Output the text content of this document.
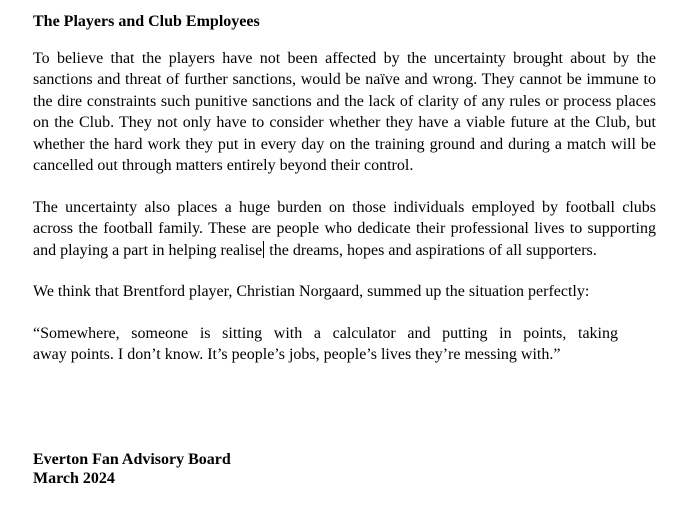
The Players and Club Employees

To believe that the players have not been affected by the uncertainty brought about by the sanctions and threat of further sanctions, would be naïve and wrong. They cannot be immune to the dire constraints such punitive sanctions and the lack of clarity of any rules or process places on the Club. They not only have to consider whether they have a viable future at the Club, but whether the hard work they put in every day on the training ground and during a match will be cancelled out through matters entirely beyond their control.

The uncertainty also places a huge burden on those individuals employed by football clubs across the football family. These are people who dedicate their professional lives to supporting and playing a part in helping realise the dreams, hopes and aspirations of all supporters.

We think that Brentford player, Christian Norgaard, summed up the situation perfectly:

“Somewhere, someone is sitting with a calculator and putting in points, taking
away points. I don’t know. It’s people’s jobs, people’s lives they’re messing with.”
Everton Fan Advisory Board
March 2024
